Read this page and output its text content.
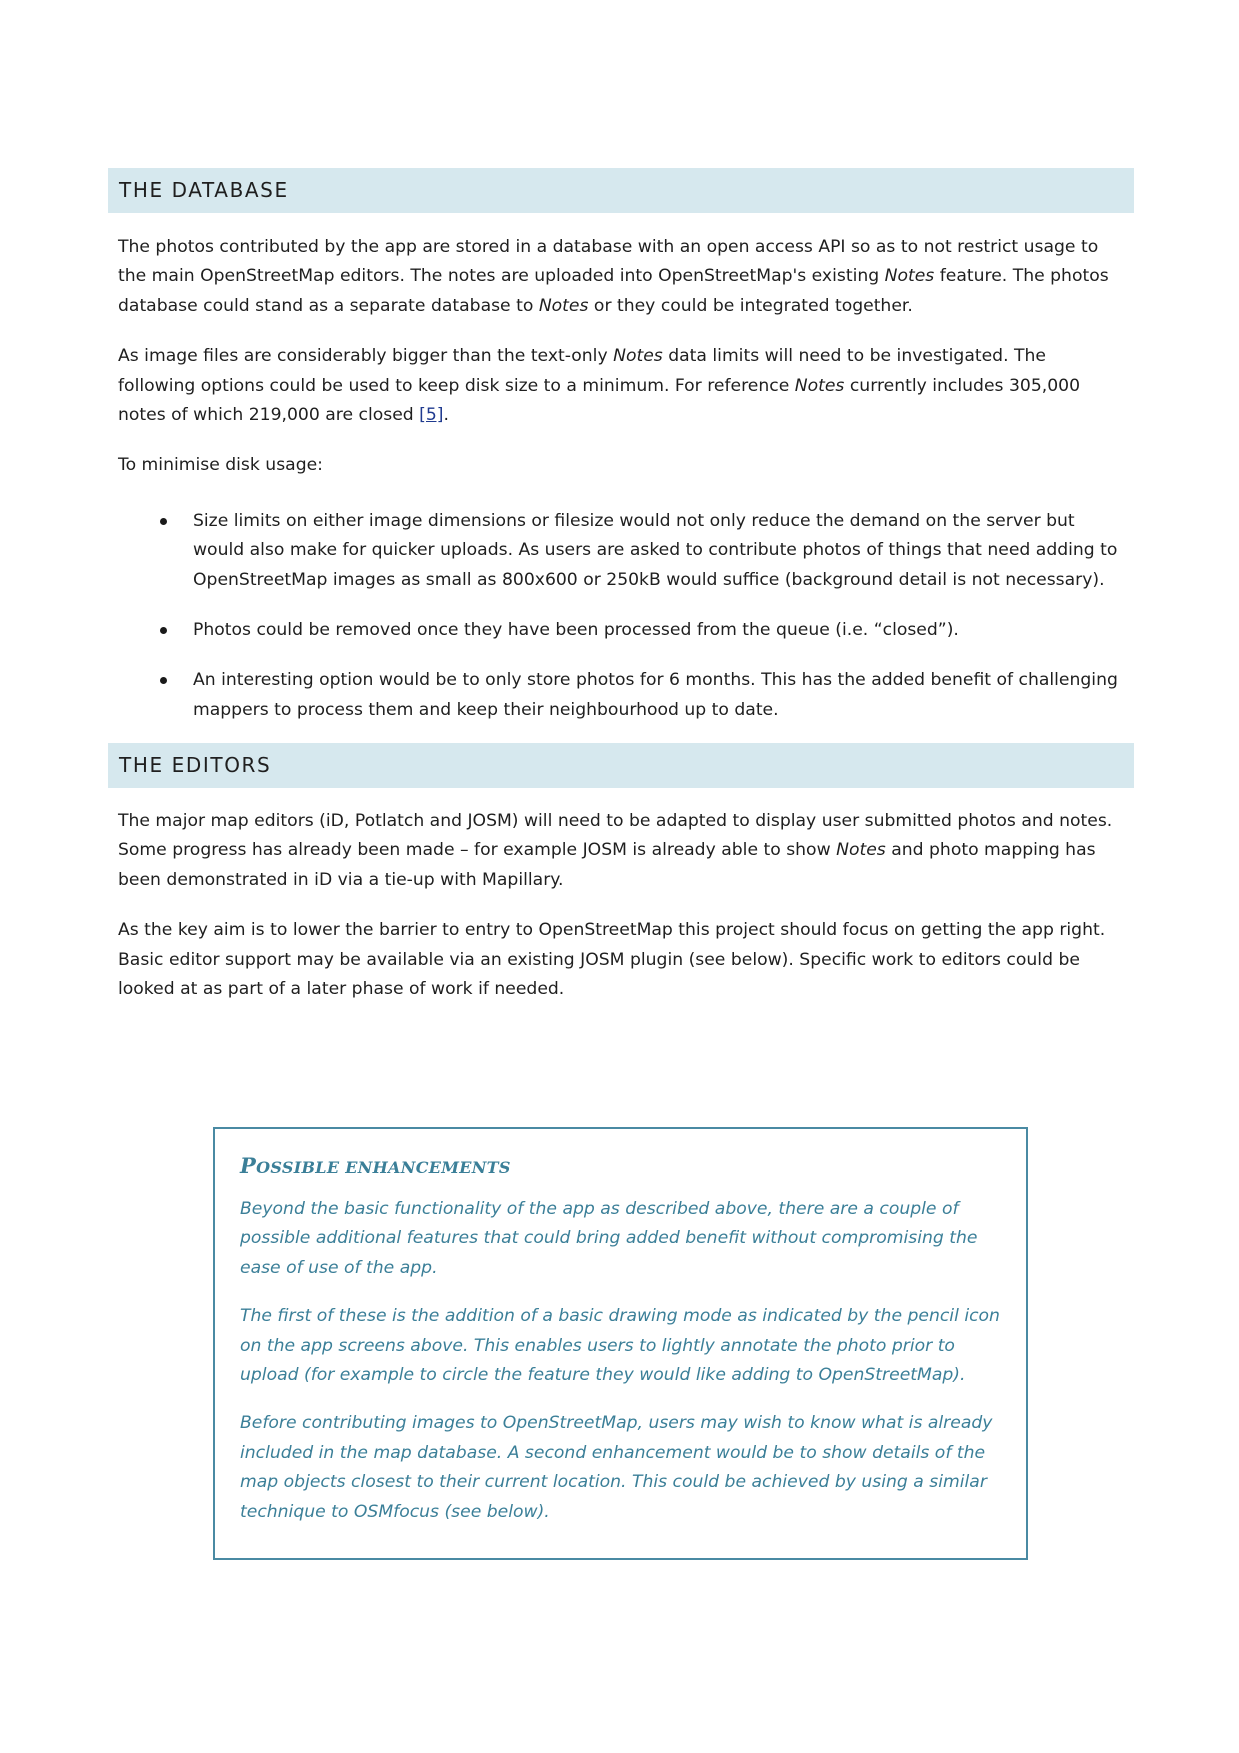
THE DATABASE

The photos contributed by the app are stored in a database with an open access API so as to not restrict usage to the main OpenStreetMap editors. The notes are uploaded into OpenStreetMap's existing Notes feature. The photos database could stand as a separate database to Notes or they could be integrated together.

As image files are considerably bigger than the text-only Notes data limits will need to be investigated. The following options could be used to keep disk size to a minimum. For reference Notes currently includes 305,000 notes of which 219,000 are closed [5].

To minimise disk usage:

Size limits on either image dimensions or filesize would not only reduce the demand on the server but would also make for quicker uploads. As users are asked to contribute photos of things that need adding to OpenStreetMap images as small as 800x600 or 250kB would suffice (background detail is not necessary).
Photos could be removed once they have been processed from the queue (i.e. “closed”).
An interesting option would be to only store photos for 6 months. This has the added benefit of challenging mappers to process them and keep their neighbourhood up to date.
THE EDITORS

The major map editors (iD, Potlatch and JOSM) will need to be adapted to display user submitted photos and notes. Some progress has already been made – for example JOSM is already able to show Notes and photo mapping has been demonstrated in iD via a tie-up with Mapillary.

As the key aim is to lower the barrier to entry to OpenStreetMap this project should focus on getting the app right. Basic editor support may be available via an existing JOSM plugin (see below). Specific work to editors could be looked at as part of a later phase of work if needed.

POSSIBLE ENHANCEMENTS

Beyond the basic functionality of the app as described above, there are a couple of possible additional features that could bring added benefit without compromising the ease of use of the app.

The first of these is the addition of a basic drawing mode as indicated by the pencil icon on the app screens above. This enables users to lightly annotate the photo prior to upload (for example to circle the feature they would like adding to OpenStreetMap).

Before contributing images to OpenStreetMap, users may wish to know what is already included in the map database. A second enhancement would be to show details of the map objects closest to their current location. This could be achieved by using a similar technique to OSMfocus (see below).
